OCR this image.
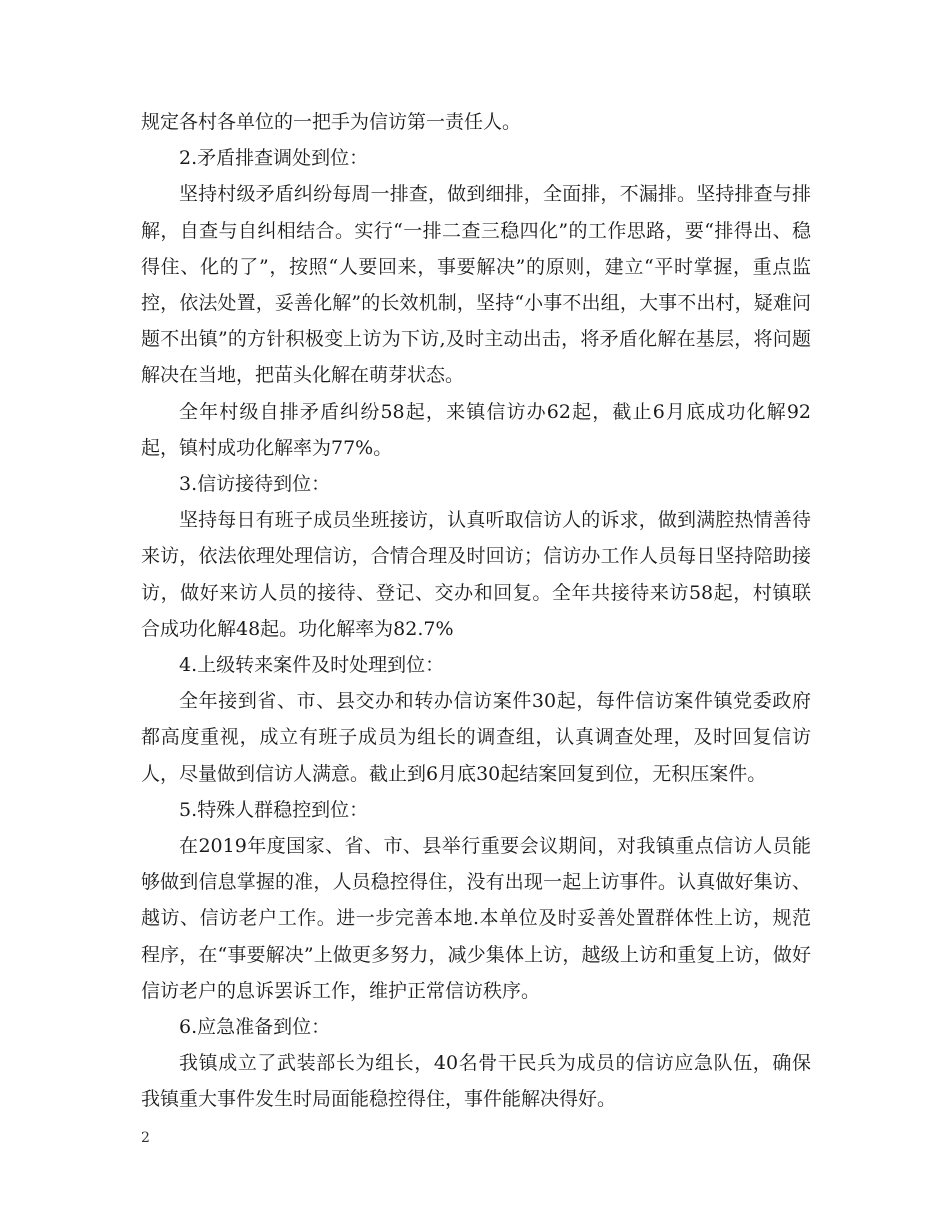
规定各村各单位的一把手为信访第一责任人。

2.矛盾排查调处到位：

坚持村级矛盾纠纷每周一排查，做到细排，全面排，不漏排。坚持排查与排解，自查与自纠相结合。实行“一排二查三稳四化”的工作思路，要“排得出、稳得住、化的了”，按照“人要回来，事要解决”的原则，建立“平时掌握，重点监控，依法处置，妥善化解”的长效机制，坚持“小事不出组，大事不出村，疑难问题不出镇”的方针积极变上访为下访,及时主动出击，将矛盾化解在基层，将问题解决在当地，把苗头化解在萌芽状态。

全年村级自排矛盾纠纷58起，来镇信访办62起，截止6月底成功化解92起，镇村成功化解率为77%。

3.信访接待到位：

坚持每日有班子成员坐班接访，认真听取信访人的诉求，做到满腔热情善待来访，依法依理处理信访，合情合理及时回访；信访办工作人员每日坚持陪助接访，做好来访人员的接待、登记、交办和回复。全年共接待来访58起，村镇联合成功化解48起。功化解率为82.7%

4.上级转来案件及时处理到位：

全年接到省、市、县交办和转办信访案件30起，每件信访案件镇党委政府都高度重视，成立有班子成员为组长的调查组，认真调查处理，及时回复信访人，尽量做到信访人满意。截止到6月底30起结案回复到位，无积压案件。

5.特殊人群稳控到位：

在2019年度国家、省、市、县举行重要会议期间，对我镇重点信访人员能够做到信息掌握的准，人员稳控得住，没有出现一起上访事件。认真做好集访、越访、信访老户工作。进一步完善本地.本单位及时妥善处置群体性上访，规范程序，在“事要解决”上做更多努力，减少集体上访，越级上访和重复上访，做好信访老户的息诉罢诉工作，维护正常信访秩序。

6.应急准备到位：

我镇成立了武装部长为组长，40名骨干民兵为成员的信访应急队伍，确保我镇重大事件发生时局面能稳控得住，事件能解决得好。

2
